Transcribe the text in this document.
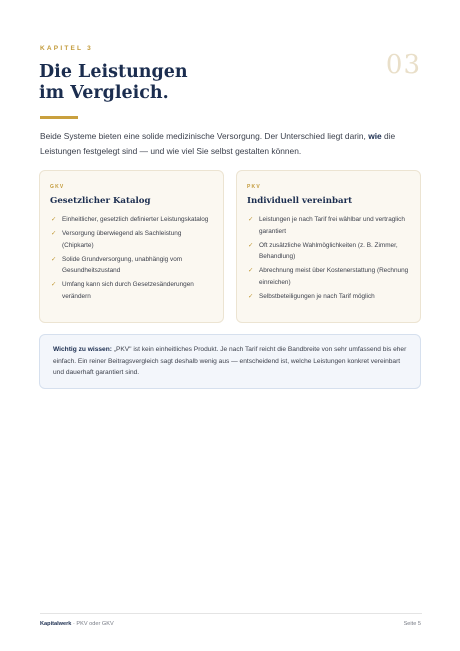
KAPITEL 3
03
Die Leistungen
im Vergleich.

Beide Systeme bieten eine solide medizinische Versorgung. Der Unterschied liegt darin, wie die Leistungen festgelegt sind — und wie viel Sie selbst gestalten können.

GKV
Gesetzlicher Katalog
✓ Einheitlicher, gesetzlich definierter Leistungskatalog
✓ Versorgung überwiegend als Sachleistung (Chipkarte)
✓ Solide Grundversorgung, unabhängig vom Gesundheitszustand
✓ Umfang kann sich durch Gesetzesänderungen verändern
PKV
Individuell vereinbart
✓ Leistungen je nach Tarif frei wählbar und vertraglich garantiert
✓ Oft zusätzliche Wahlmöglichkeiten (z. B. Zimmer, Behandlung)
✓ Abrechnung meist über Kostenerstattung (Rechnung einreichen)
✓ Selbstbeteiligungen je nach Tarif möglich
Wichtig zu wissen: „PKV" ist kein einheitliches Produkt. Je nach Tarif reicht die Bandbreite von sehr umfassend bis eher einfach. Ein reiner Beitragsvergleich sagt deshalb wenig aus — entscheidend ist, welche Leistungen konkret vereinbart und dauerhaft garantiert sind.
Kapitalwerk · PKV oder GKV	Seite 5
